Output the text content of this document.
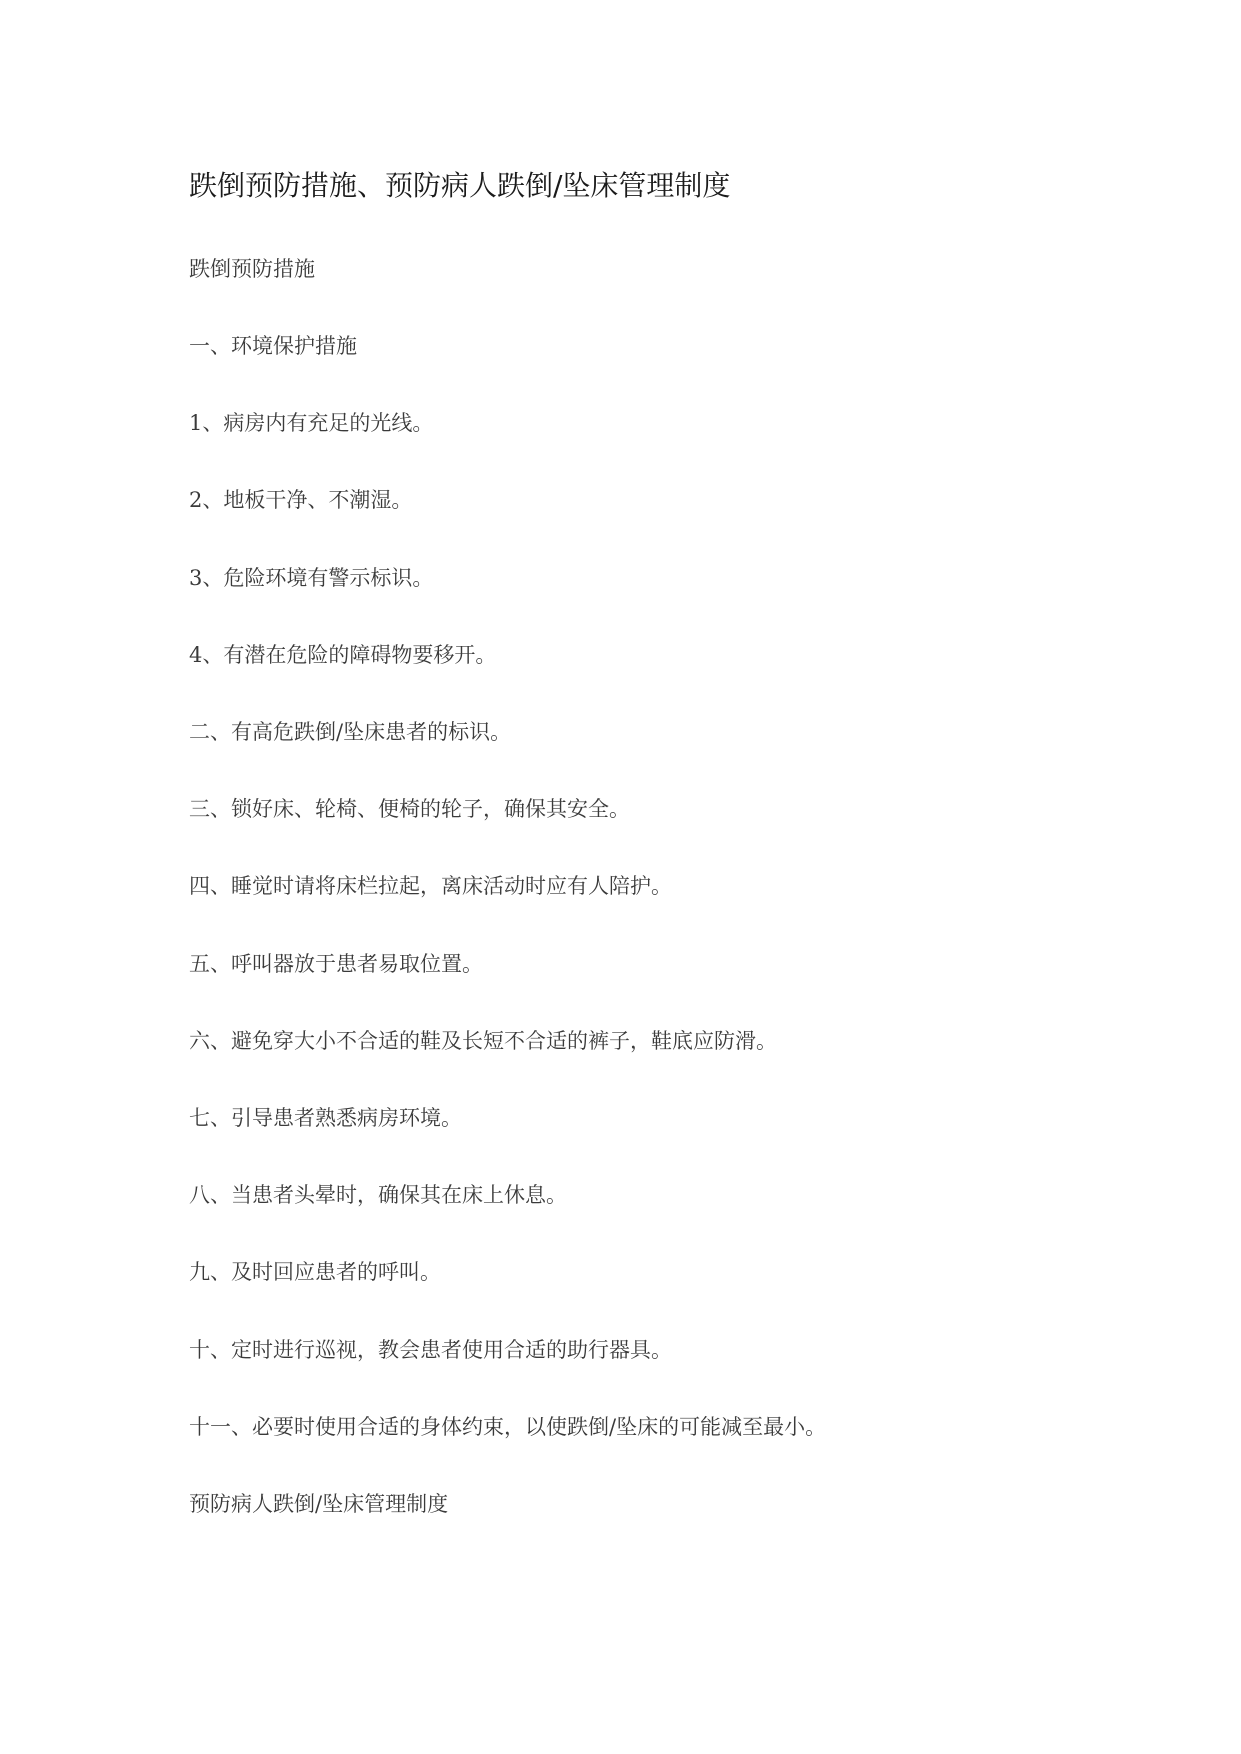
跌倒预防措施、预防病人跌倒/坠床管理制度
跌倒预防措施
一、环境保护措施
1、病房内有充足的光线。
2、地板干净、不潮湿。
3、危险环境有警示标识。
4、有潜在危险的障碍物要移开。
二、有高危跌倒/坠床患者的标识。
三、锁好床、轮椅、便椅的轮子，确保其安全。
四、睡觉时请将床栏拉起，离床活动时应有人陪护。
五、呼叫器放于患者易取位置。
六、避免穿大小不合适的鞋及长短不合适的裤子，鞋底应防滑。
七、引导患者熟悉病房环境。
八、当患者头晕时，确保其在床上休息。
九、及时回应患者的呼叫。
十、定时进行巡视，教会患者使用合适的助行器具。
十一、必要时使用合适的身体约束，以使跌倒/坠床的可能减至最小。
预防病人跌倒/坠床管理制度
